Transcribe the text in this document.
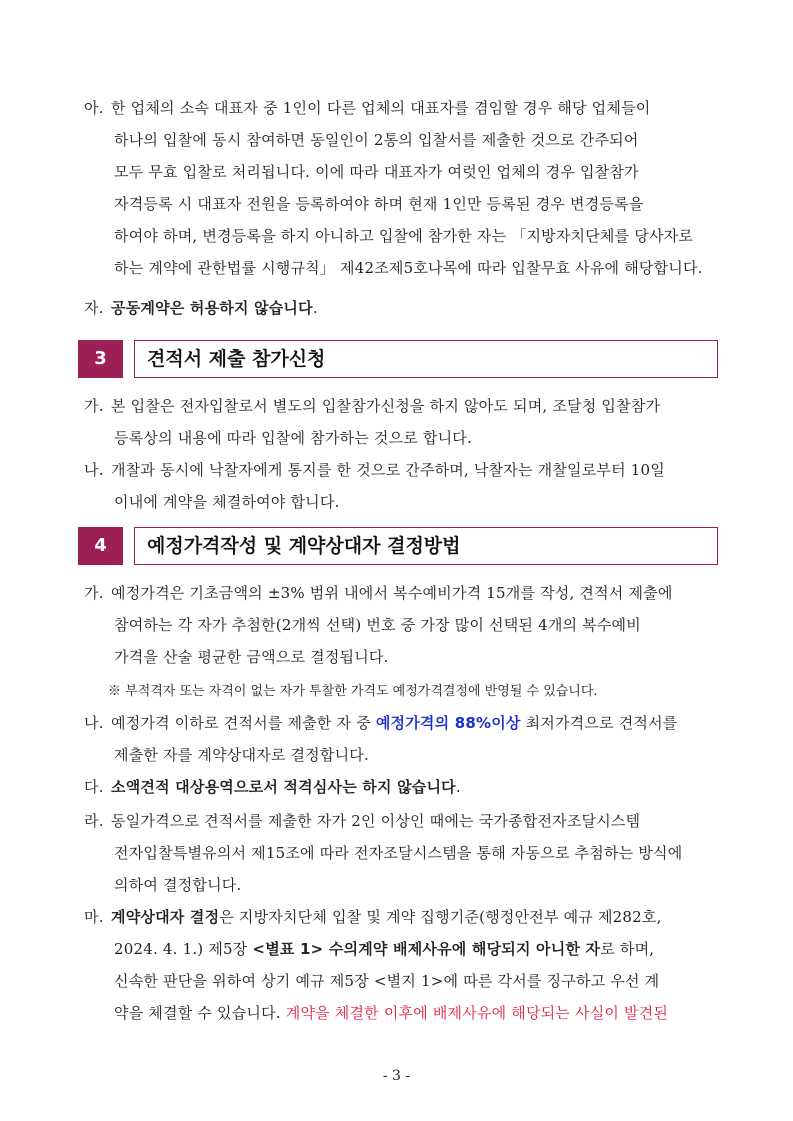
아. 한 업체의 소속 대표자 중 1인이 다른 업체의 대표자를 겸임할 경우 해당 업체들이
하나의 입찰에 동시 참여하면 동일인이 2통의 입찰서를 제출한 것으로 간주되어
모두 무효 입찰로 처리됩니다. 이에 따라 대표자가 여럿인 업체의 경우 입찰참가
자격등록 시 대표자 전원을 등록하여야 하며 현재 1인만 등록된 경우 변경등록을
하여야 하며, 변경등록을 하지 아니하고 입찰에 참가한 자는 「지방자치단체를 당사자로
하는 계약에 관한법률 시행규칙」 제42조제5호나목에 따라 입찰무효 사유에 해당합니다.
자. 공동계약은 허용하지 않습니다.
3	견적서 제출 참가신청
가. 본 입찰은 전자입찰로서 별도의 입찰참가신청을 하지 않아도 되며, 조달청 입찰참가
등록상의 내용에 따라 입찰에 참가하는 것으로 합니다.
나. 개찰과 동시에 낙찰자에게 통지를 한 것으로 간주하며, 낙찰자는 개찰일로부터 10일
이내에 계약을 체결하여야 합니다.
4	예정가격작성 및 계약상대자 결정방법
가. 예정가격은 기초금액의 ±3% 범위 내에서 복수예비가격 15개를 작성, 견적서 제출에
참여하는 각 자가 추첨한(2개씩 선택) 번호 중 가장 많이 선택된 4개의 복수예비
가격을 산술 평균한 금액으로 결정됩니다.
※ 부적격자 또는 자격이 없는 자가 투찰한 가격도 예정가격결정에 반영될 수 있습니다.
나. 예정가격 이하로 견적서를 제출한 자 중 예정가격의 88%이상 최저가격으로 견적서를
제출한 자를 계약상대자로 결정합니다.
다. 소액견적 대상용역으로서 적격심사는 하지 않습니다.
라. 동일가격으로 견적서를 제출한 자가 2인 이상인 때에는 국가종합전자조달시스템
전자입찰특별유의서 제15조에 따라 전자조달시스템을 통해 자동으로 추첨하는 방식에
의하여 결정합니다.
마. 계약상대자 결정은 지방자치단체 입찰 및 계약 집행기준(행정안전부 예규 제282호,
2024. 4. 1.) 제5장 <별표 1> 수의계약 배제사유에 해당되지 아니한 자로 하며,
신속한 판단을 위하여 상기 예규 제5장 <별지 1>에 따른 각서를 징구하고 우선 계
약을 체결할 수 있습니다. 계약을 체결한 이후에 배제사유에 해당되는 사실이 발견된
- 3 -
